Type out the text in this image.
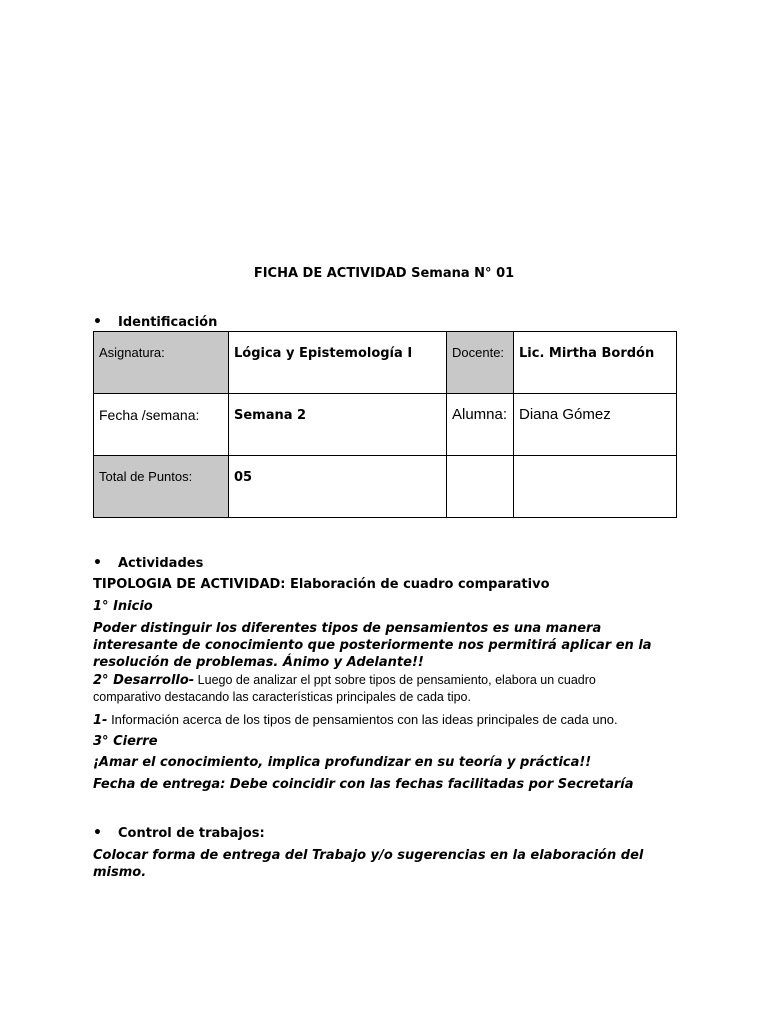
FICHA DE ACTIVIDAD Semana N° 01
•	Identificación
Asignatura:	Lógica y Epistemología I	Docente:	Lic. Mirtha Bordón
Fecha /semana:	Semana 2	Alumna:	Diana Gómez
Total de Puntos:	05		
•	Actividades
TIPOLOGIA DE ACTIVIDAD: Elaboración de cuadro comparativo
1° Inicio
Poder distinguir los diferentes tipos de pensamientos es una manera interesante de conocimiento que posteriormente nos permitirá aplicar en la resolución de problemas. Ánimo y Adelante!!
2° Desarrollo- Luego de analizar el ppt sobre tipos de pensamiento, elabora un cuadro comparativo destacando las características principales de cada tipo.
1- Información acerca de los tipos de pensamientos con las ideas principales de cada uno.
3° Cierre
¡Amar el conocimiento, implica profundizar en su teoría y práctica!!
Fecha de entrega: Debe coincidir con las fechas facilitadas por Secretaría
•	Control de trabajos:
Colocar forma de entrega del Trabajo y/o sugerencias en la elaboración del mismo.
